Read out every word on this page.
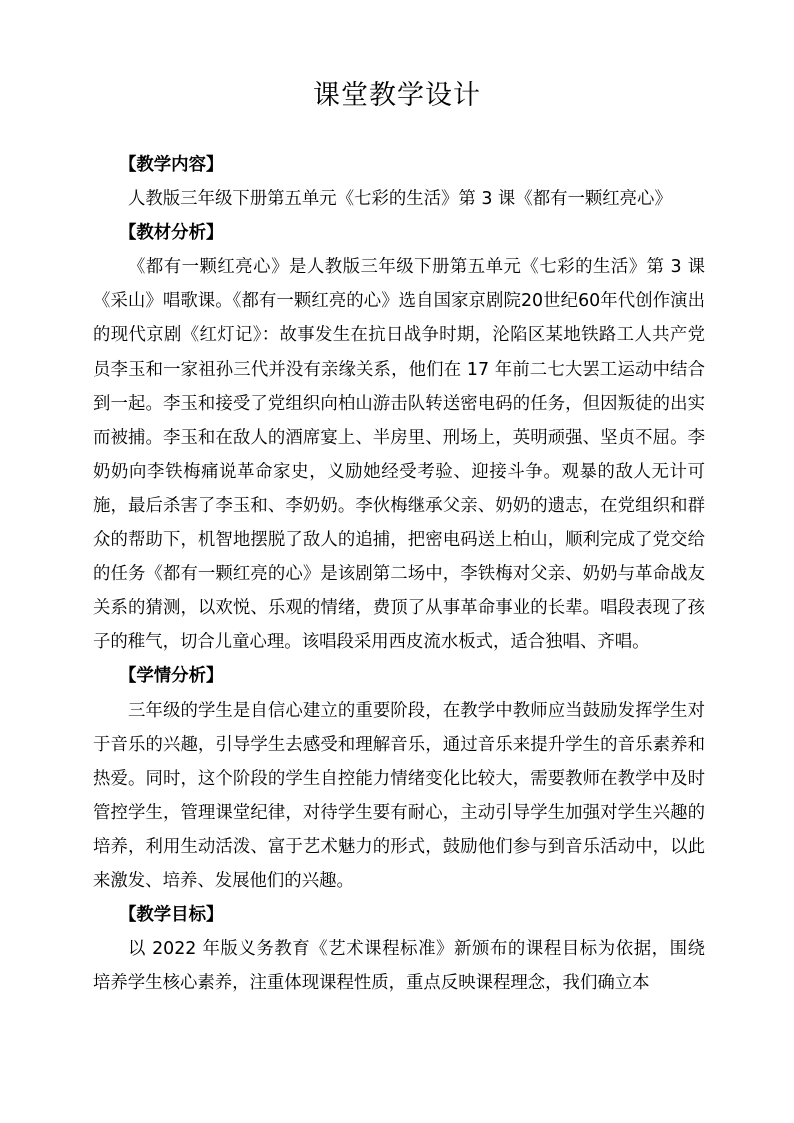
课堂教学设计

【教学内容】

人教版三年级下册第五单元《七彩的生活》第 3 课《都有一颗红亮心》

【教材分析】

《都有一颗红亮心》是人教版三年级下册第五单元《七彩的生活》第 3 课《采山》唱歌课。《都有一颗红亮的心》选自国家京剧院20世纪60年代创作演出的现代京剧《红灯记》：故事发生在抗日战争时期，沦陷区某地铁路工人共产党员李玉和一家祖孙三代并没有亲缘关系，他们在 17 年前二七大罢工运动中结合到一起。李玉和接受了党组织向柏山游击队转送密电码的任务，但因叛徒的出实而被捕。李玉和在敌人的酒席宴上、半房里、刑场上，英明顽强、坚贞不屈。李奶奶向李铁梅痛说革命家史，义励她经受考验、迎接斗争。观暴的敌人无计可施，最后杀害了李玉和、李奶奶。李伙梅继承父亲、奶奶的遗志，在党组织和群众的帮助下，机智地摆脱了敌人的追捕，把密电码送上柏山，顺利完成了党交给的任务《都有一颗红亮的心》是该剧第二场中，李铁梅对父亲、奶奶与革命战友关系的猜测，以欢悦、乐观的情绪，费顶了从事革命事业的长辈。唱段表现了孩子的稚气，切合儿童心理。该唱段采用西皮流水板式，适合独唱、齐唱。

【学情分析】

三年级的学生是自信心建立的重要阶段，在教学中教师应当鼓励发挥学生对于音乐的兴趣，引导学生去感受和理解音乐，通过音乐来提升学生的音乐素养和热爱。同时，这个阶段的学生自控能力情绪变化比较大，需要教师在教学中及时管控学生，管理课堂纪律，对待学生要有耐心，主动引导学生加强对学生兴趣的培养，利用生动活泼、富于艺术魅力的形式，鼓励他们参与到音乐活动中，以此来激发、培养、发展他们的兴趣。

【教学目标】

以 2022 年版义务教育《艺术课程标准》新颁布的课程目标为依据，围绕培养学生核心素养，注重体现课程性质，重点反映课程理念，我们确立本
